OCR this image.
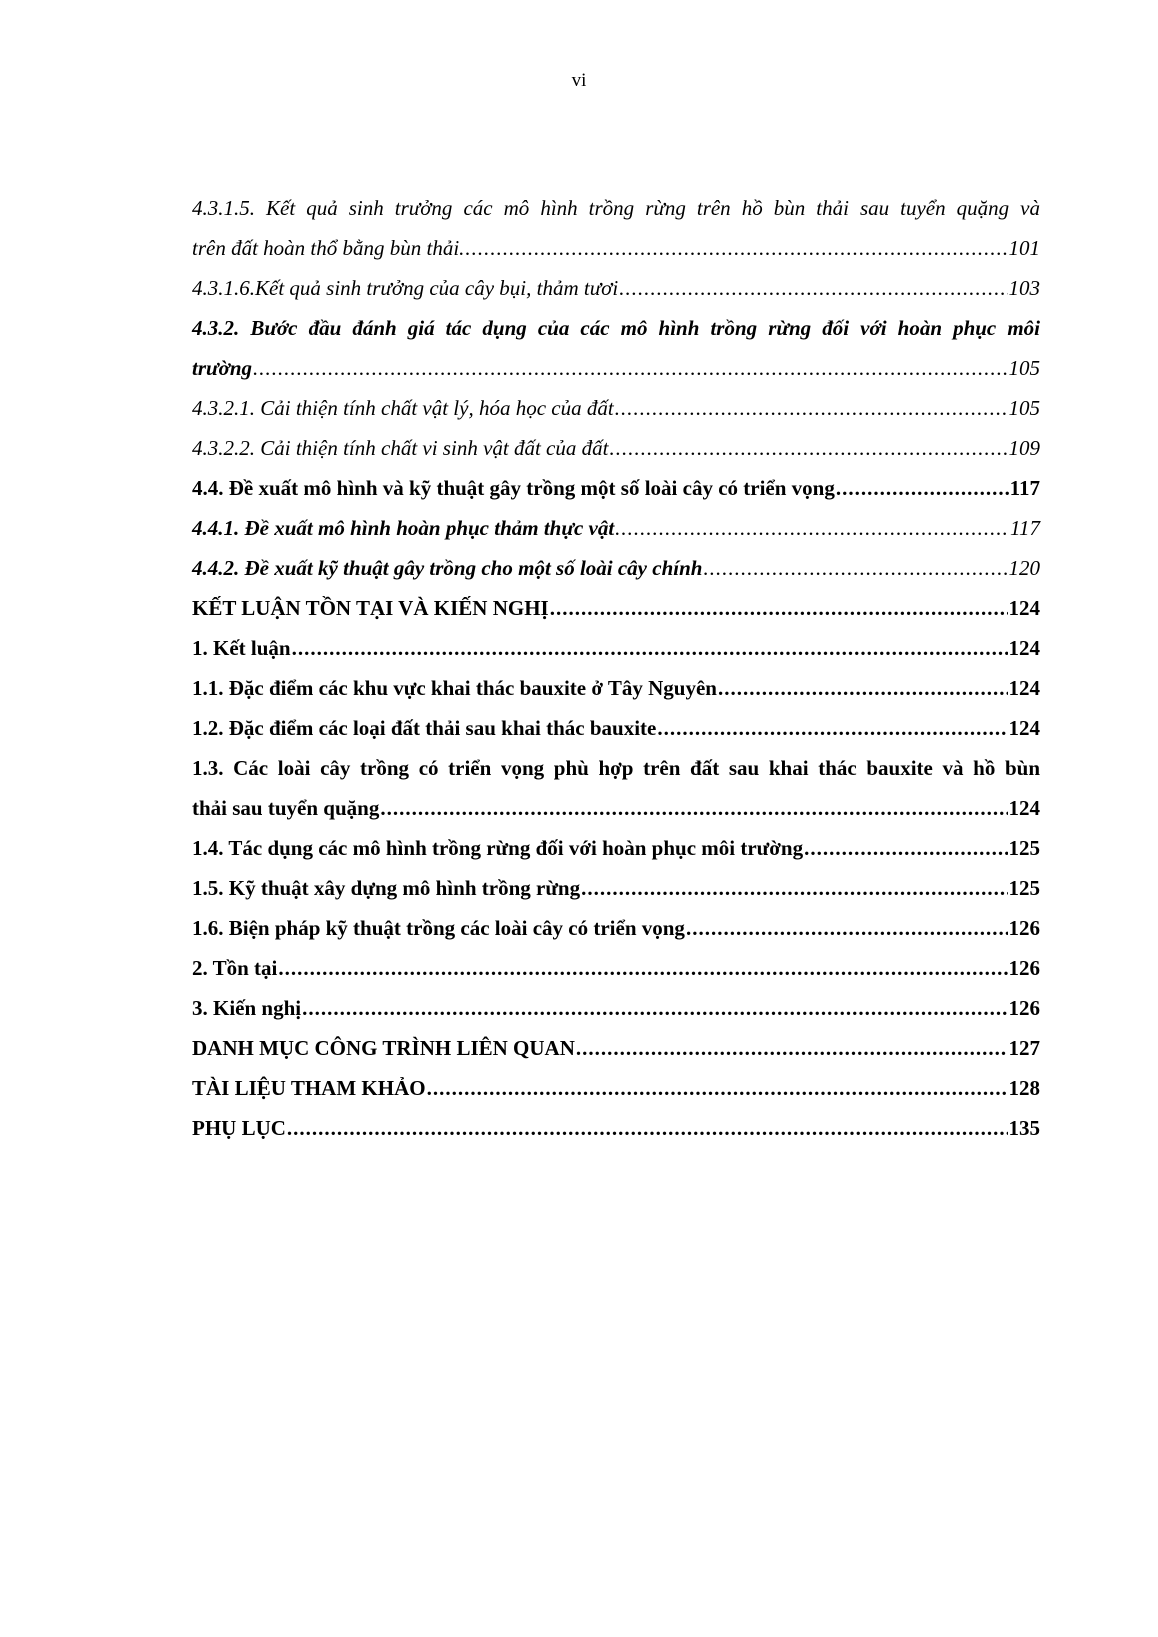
vi
4.3.1.5. Kết quả sinh trưởng các mô hình trồng rừng trên hồ bùn thải sau tuyển quặng và
trên đất hoàn thổ bằng bùn thải. .....	101
4.3.1.6.Kết quả sinh trưởng của cây bụi, thảm tươi .....	103
4.3.2. Bước đầu đánh giá tác dụng của các mô hình trồng rừng đối với hoàn phục môi
trường .....	105
4.3.2.1. Cải thiện tính chất vật lý, hóa học của đất .....	105
4.3.2.2. Cải thiện tính chất vi sinh vật đất của đất .....	109
4.4. Đề xuất mô hình và kỹ thuật gây trồng một số loài cây có triển vọng .....	117
4.4.1. Đề xuất mô hình hoàn phục thảm thực vật .....	117
4.4.2. Đề xuất kỹ thuật gây trồng cho một số loài cây chính .....	120
KẾT LUẬN TỒN TẠI VÀ KIẾN NGHỊ .....	124
1. Kết luận .....	124
1.1. Đặc điểm các khu vực khai thác bauxite ở Tây Nguyên .....	124
1.2. Đặc điểm các loại đất thải sau khai thác bauxite .....	124
1.3. Các loài cây trồng có triển vọng phù hợp trên đất sau khai thác bauxite và hồ bùn
thải sau tuyển quặng .....	124
1.4. Tác dụng các mô hình trồng rừng đối với hoàn phục môi trường .....	125
1.5. Kỹ thuật xây dựng mô hình trồng rừng .....	125
1.6. Biện pháp kỹ thuật trồng các loài cây có triển vọng .....	126
2. Tồn tại .....	126
3. Kiến nghị .....	126
DANH MỤC CÔNG TRÌNH LIÊN QUAN .....	127
TÀI LIỆU THAM KHẢO .....	128
PHỤ LỤC .....	135
